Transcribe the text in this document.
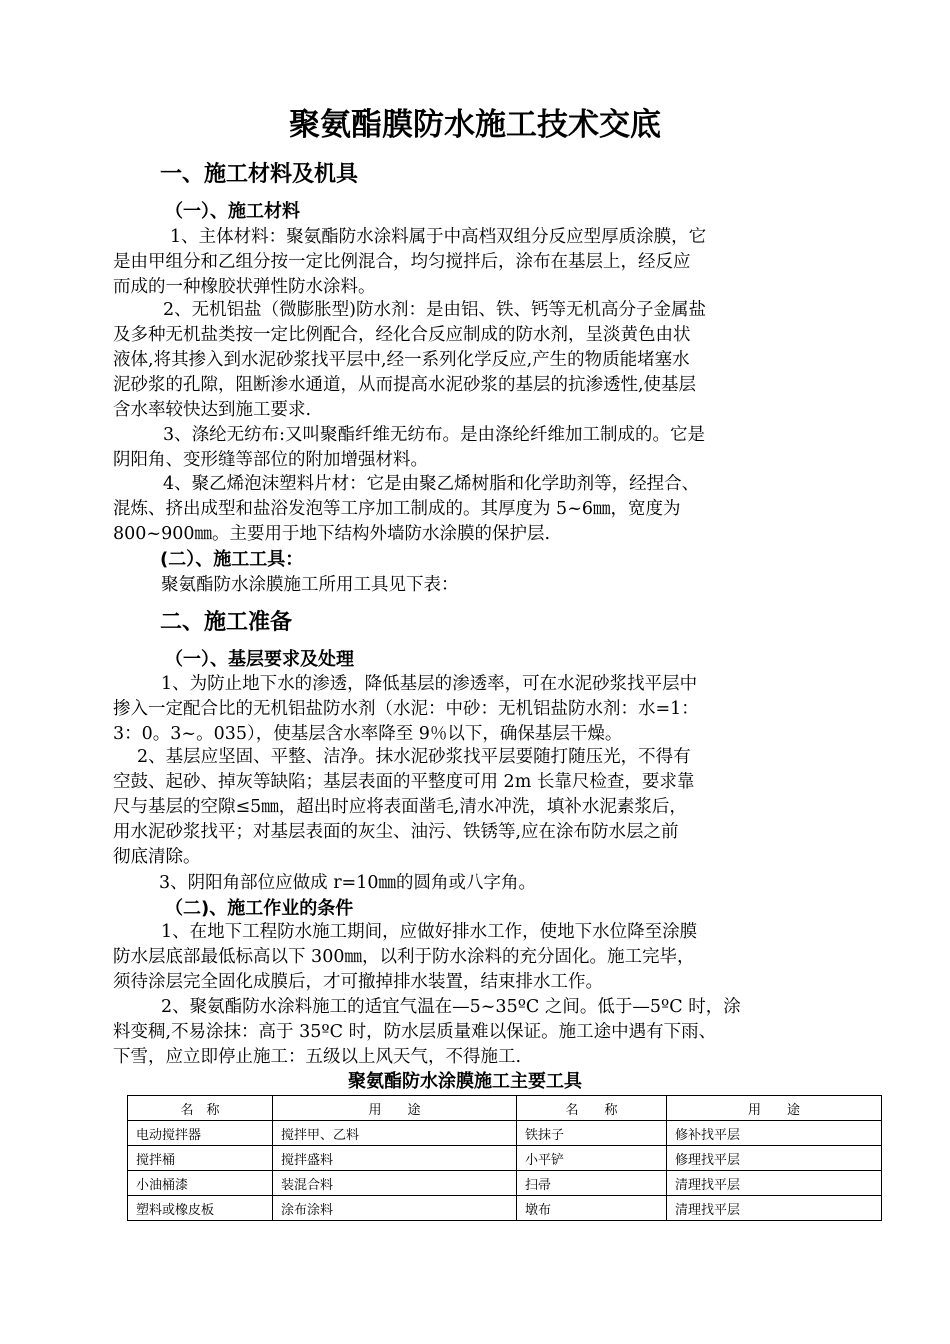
聚氨酯膜防水施工技术交底
一、施工材料及机具
（一）、施工材料
1、主体材料：聚氨酯防水涂料属于中高档双组分反应型厚质涂膜，它
是由甲组分和乙组分按一定比例混合，均匀搅拌后，涂布在基层上，经反应
而成的一种橡胶状弹性防水涂料。
2、无机铝盐（微膨胀型)防水剂：是由铝、铁、钙等无机高分子金属盐
及多种无机盐类按一定比例配合，经化合反应制成的防水剂，呈淡黄色由状
液体,将其掺入到水泥砂浆找平层中,经一系列化学反应,产生的物质能堵塞水
泥砂浆的孔隙，阻断渗水通道，从而提高水泥砂浆的基层的抗渗透性,使基层
含水率较快达到施工要求.
3、涤纶无纺布:又叫聚酯纤维无纺布。是由涤纶纤维加工制成的。它是
阴阳角、变形缝等部位的附加增强材料。
4、聚乙烯泡沫塑料片材：它是由聚乙烯树脂和化学助剂等，经捏合、
混炼、挤出成型和盐浴发泡等工序加工制成的。其厚度为 5~6㎜，宽度为
800~900㎜。主要用于地下结构外墙防水涂膜的保护层.
(二）、施工工具：
聚氨酯防水涂膜施工所用工具见下表：
二、施工准备
（一）、基层要求及处理
1、为防止地下水的渗透，降低基层的渗透率，可在水泥砂浆找平层中
掺入一定配合比的无机铝盐防水剂（水泥：中砂：无机铝盐防水剂：水=1：
3：0。3~。035），使基层含水率降至 9％以下，确保基层干燥。
2、基层应坚固、平整、洁净。抹水泥砂浆找平层要随打随压光，不得有
空鼓、起砂、掉灰等缺陷；基层表面的平整度可用 2m 长靠尺检查，要求靠
尺与基层的空隙≤5㎜，超出时应将表面凿毛,清水冲洗，填补水泥素浆后，
用水泥砂浆找平；对基层表面的灰尘、油污、铁锈等,应在涂布防水层之前
彻底清除。
3、阴阳角部位应做成 r=10㎜的圆角或八字角。
（二)、施工作业的条件
1、在地下工程防水施工期间，应做好排水工作，使地下水位降至涂膜
防水层底部最低标高以下 300㎜，以利于防水涂料的充分固化。施工完毕，
须待涂层完全固化成膜后，才可撤掉排水装置，结束排水工作。
2、聚氨酯防水涂料施工的适宜气温在—5~35ºC 之间。低于—5ºC 时，涂
料变稠,不易涂抹：高于 35ºC 时，防水层质量难以保证。施工途中遇有下雨、
下雪，应立即停止施工：五级以上风天气，不得施工.
聚氨酯防水涂膜施工主要工具
名　称	用　　途	名　　称	用　　途
电动搅拌器	搅拌甲、乙料	铁抹子	修补找平层
搅拌桶	搅拌盛料	小平铲	修理找平层
小油桶漆	装混合料	扫帚	清理找平层
塑料或橡皮板	涂布涂料	墩布	清理找平层
